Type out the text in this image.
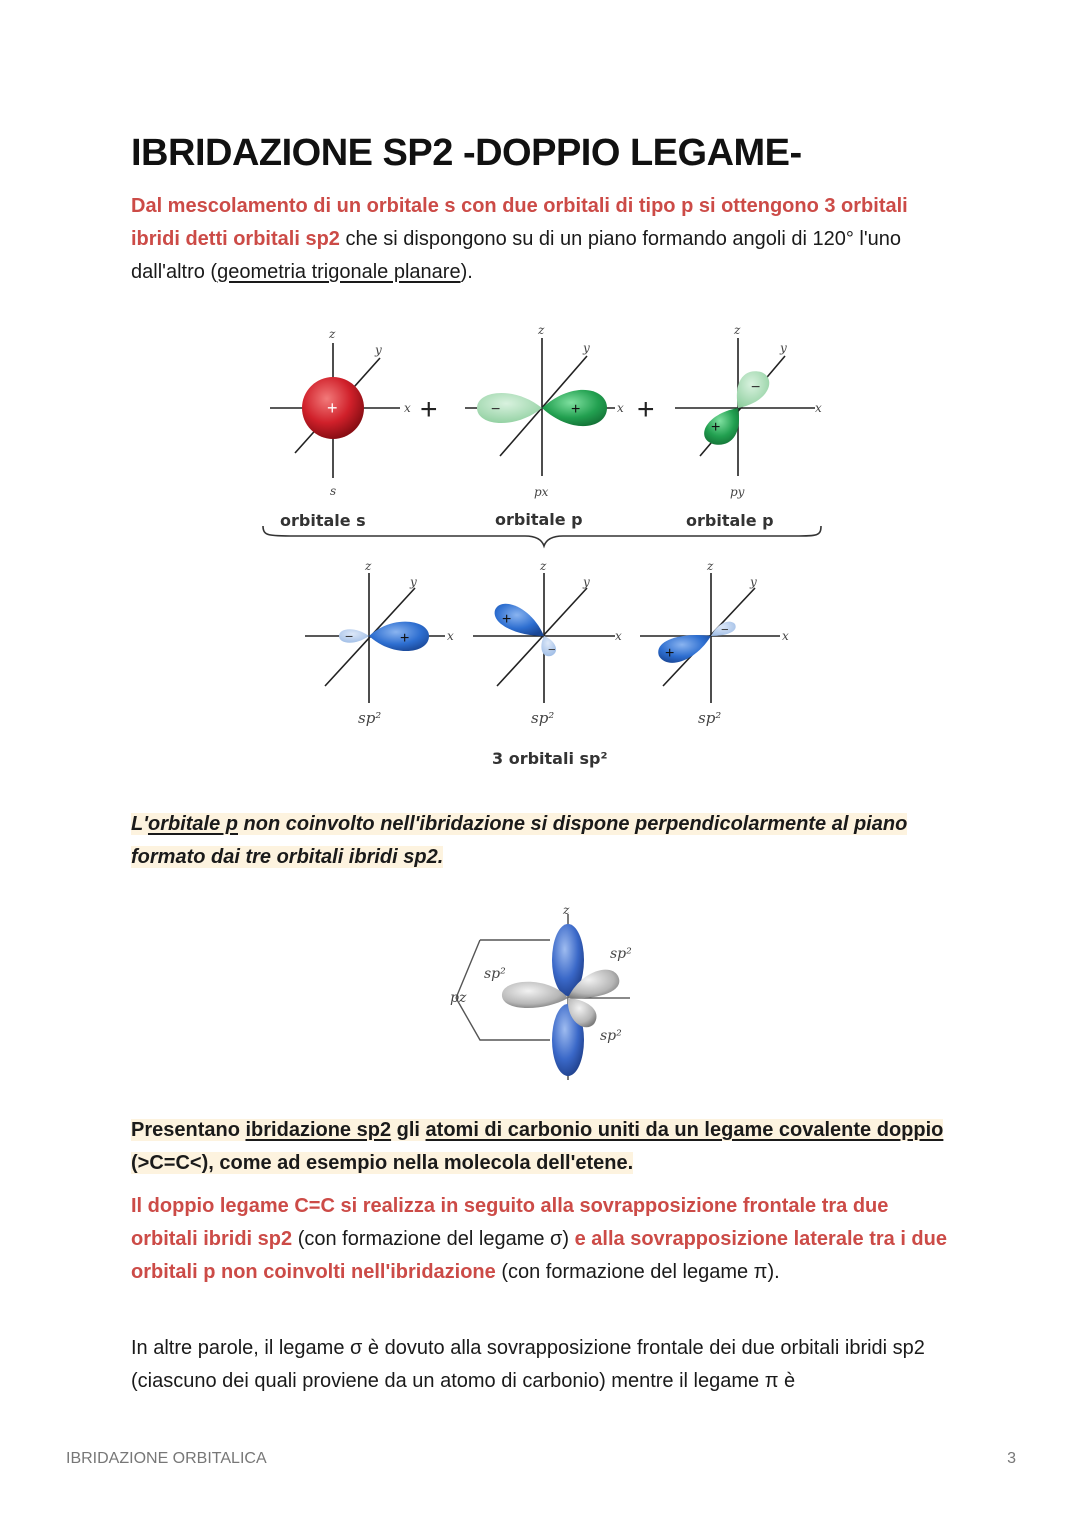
IBRIDAZIONE SP2 -DOPPIO LEGAME-

Dal mescolamento di un orbitale s con due orbitali di tipo p si ottengono 3 orbitali ibridi detti orbitali sp2 che si dispongono su di un piano formando angoli di 120° l'uno dall'altro (geometria trigonale planare).

+	−	+
−
+
+	+
x
z
y
x
z
y
x
z
y
s	px	py
orbitale s	orbitale p	orbitale p
−	+
+
−
−
+
x
z
y
x
z
y
x
z
y
sp²	sp²	sp²
3 orbitali sp²

L'orbitale p non coinvolto nell'ibridazione si dispone perpendicolarmente al piano formato dai tre orbitali ibridi sp2.

z
pz
sp²
sp²
sp²

Presentano ibridazione sp2 gli atomi di carbonio uniti da un legame covalente doppio (>C=C<), come ad esempio nella molecola dell'etene.

Il doppio legame C=C si realizza in seguito alla sovrapposizione frontale tra due orbitali ibridi sp2 (con formazione del legame σ) e alla sovrapposizione laterale tra i due orbitali p non coinvolti nell'ibridazione (con formazione del legame π).

In altre parole, il legame σ è dovuto alla sovrapposizione frontale dei due orbitali ibridi sp2 (ciascuno dei quali proviene da un atomo di carbonio) mentre il legame π è

IBRIDAZIONE ORBITALICA	3
